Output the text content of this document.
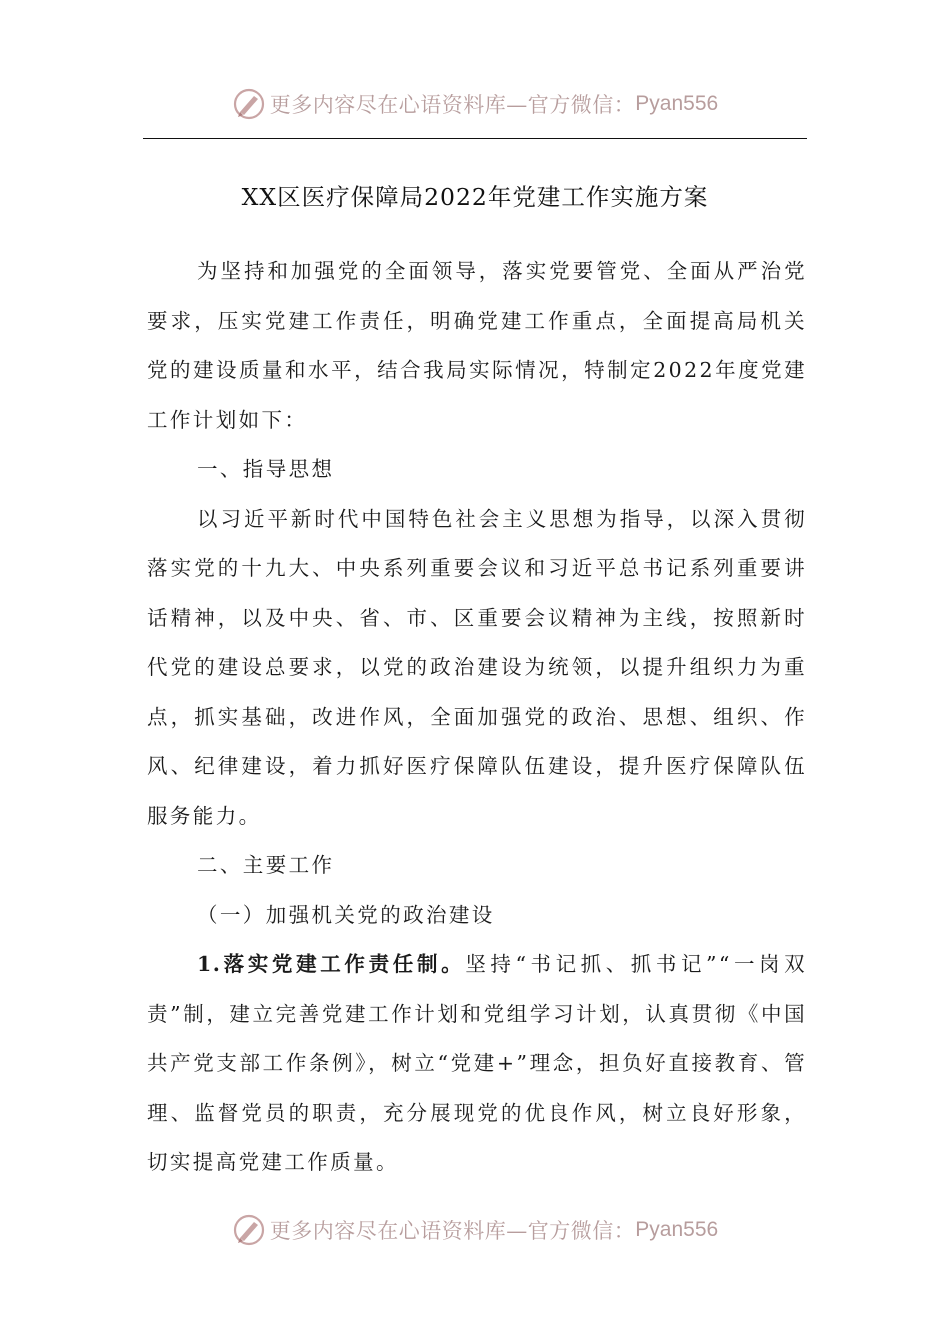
更多内容尽在心语资料库—官方微信： Pyan556
XX区医疗保障局2022年党建工作实施方案

为坚持和加强党的全面领导，落实党要管党、全面从严治党要求，压实党建工作责任，明确党建工作重点，全面提高局机关党的建设质量和水平，结合我局实际情况，特制定2022年度党建工作计划如下：

一、指导思想

以习近平新时代中国特色社会主义思想为指导，以深入贯彻落实党的十九大、中央系列重要会议和习近平总书记系列重要讲话精神，以及中央、省、市、区重要会议精神为主线，按照新时代党的建设总要求，以党的政治建设为统领，以提升组织力为重点，抓实基础，改进作风，全面加强党的政治、思想、组织、作风、纪律建设，着力抓好医疗保障队伍建设，提升医疗保障队伍服务能力。

二、主要工作

（一）加强机关党的政治建设

1.落实党建工作责任制。坚持“书记抓、抓书记”“一岗双责”制，建立完善党建工作计划和党组学习计划，认真贯彻《中国共产党支部工作条例》，树立“党建+”理念，担负好直接教育、管理、监督党员的职责，充分展现党的优良作风，树立良好形象，切实提高党建工作质量。

更多内容尽在心语资料库—官方微信： Pyan556
